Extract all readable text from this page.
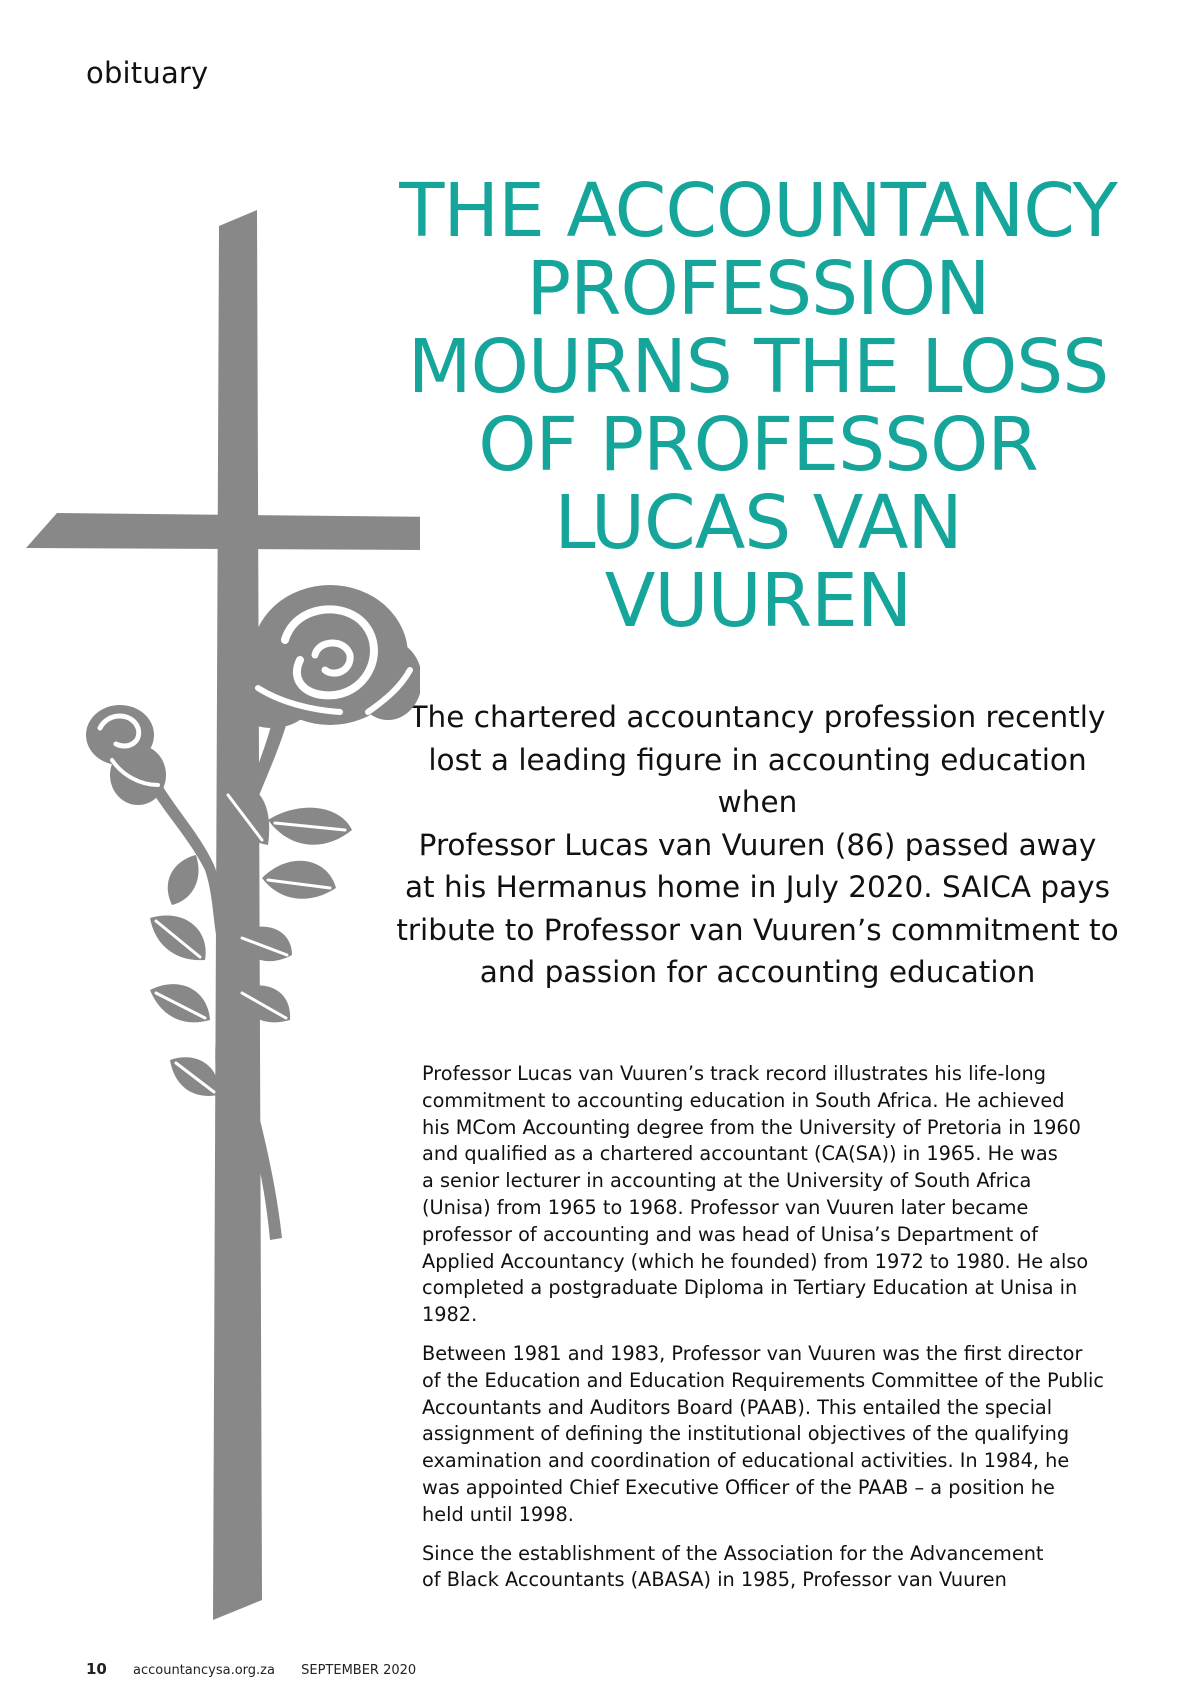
obituary
THE ACCOUNTANCY
PROFESSION
MOURNS THE LOSS
OF PROFESSOR
LUCAS VAN
VUUREN

The chartered accountancy profession recently
lost a leading figure in accounting education when
Professor Lucas van Vuuren (86) passed away
at his Hermanus home in July 2020. SAICA pays
tribute to Professor van Vuuren’s commitment to
and passion for accounting education

Professor Lucas van Vuuren’s track record illustrates his life-long
commitment to accounting education in South Africa. He achieved
his MCom Accounting degree from the University of Pretoria in 1960
and qualified as a chartered accountant (CA(SA)) in 1965. He was
a senior lecturer in accounting at the University of South Africa
(Unisa) from 1965 to 1968. Professor van Vuuren later became
professor of accounting and was head of Unisa’s Department of
Applied Accountancy (which he founded) from 1972 to 1980. He also
completed a postgraduate Diploma in Tertiary Education at Unisa in
1982.

Between 1981 and 1983, Professor van Vuuren was the first director
of the Education and Education Requirements Committee of the Public
Accountants and Auditors Board (PAAB). This entailed the special
assignment of defining the institutional objectives of the qualifying
examination and coordination of educational activities. In 1984, he
was appointed Chief Executive Officer of the PAAB – a position he
held until 1998.

Since the establishment of the Association for the Advancement
of Black Accountants (ABASA) in 1985, Professor van Vuuren

10 accountancysa.org.za SEPTEMBER 2020
